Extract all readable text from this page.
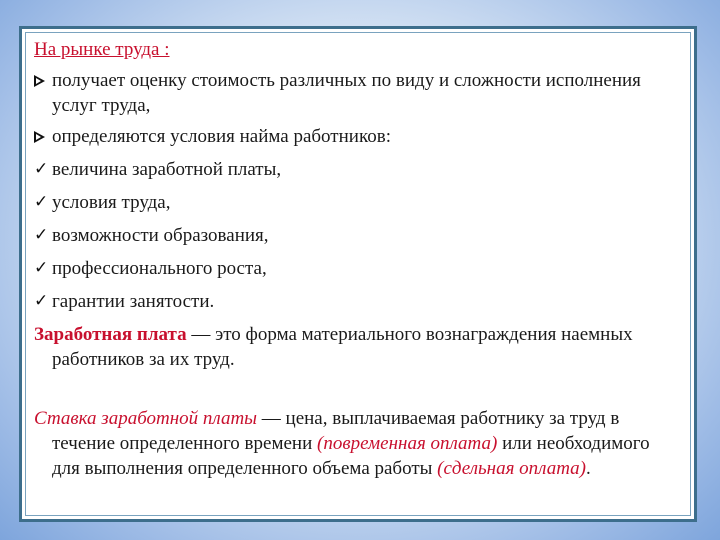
На рынке труда :
получает оценку стоимость различных по виду и сложности исполнения услуг труда,
определяются условия найма работников:
✓ величина заработной платы,
✓ условия труда,
✓ возможности образования,
✓ профессионального роста,
✓ гарантии занятости.
Заработная плата — это форма материального вознаграждения наемных работников за их труд.
Ставка заработной платы — цена, выплачиваемая работнику за труд в течение определенного времени (повременная оплата) или необходимого для выполнения определенного объема работы (сдельная оплата).
